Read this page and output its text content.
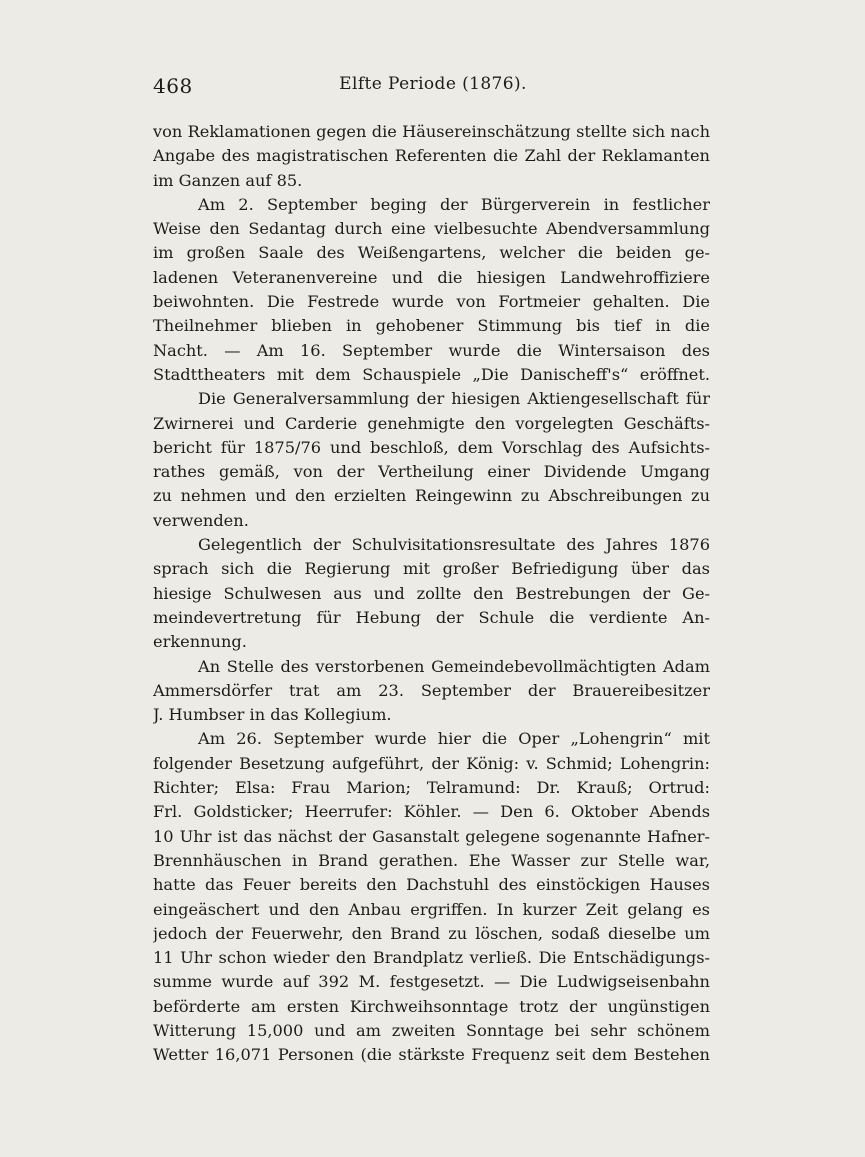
468	Elfte Periode (1876).
von Reklamationen gegen die Häusereinschätzung stellte sich nach
Angabe des magistratischen Referenten die Zahl der Reklamanten
im Ganzen auf 85.
Am 2. September beging der Bürgerverein in festlicher
Weise den Sedantag durch eine vielbesuchte Abendversammlung
im großen Saale des Weißengartens, welcher die beiden ge-
ladenen Veteranenvereine und die hiesigen Landwehroffiziere
beiwohnten. Die Festrede wurde von Fortmeier gehalten. Die
Theilnehmer blieben in gehobener Stimmung bis tief in die
Nacht. — Am 16. September wurde die Wintersaison des
Stadttheaters mit dem Schauspiele „Die Danischeff's“ eröffnet.
Die Generalversammlung der hiesigen Aktiengesellschaft für
Zwirnerei und Carderie genehmigte den vorgelegten Geschäfts-
bericht für 1875/76 und beschloß, dem Vorschlag des Aufsichts-
rathes gemäß, von der Vertheilung einer Dividende Umgang
zu nehmen und den erzielten Reingewinn zu Abschreibungen zu
verwenden.
Gelegentlich der Schulvisitationsresultate des Jahres 1876
sprach sich die Regierung mit großer Befriedigung über das
hiesige Schulwesen aus und zollte den Bestrebungen der Ge-
meindevertretung für Hebung der Schule die verdiente An-
erkennung.
An Stelle des verstorbenen Gemeindebevollmächtigten Adam
Ammersdörfer trat am 23. September der Brauereibesitzer
J. Humbser in das Kollegium.
Am 26. September wurde hier die Oper „Lohengrin“ mit
folgender Besetzung aufgeführt, der König: v. Schmid; Lohengrin:
Richter; Elsa: Frau Marion; Telramund: Dr. Krauß; Ortrud:
Frl. Goldsticker; Heerrufer: Köhler. — Den 6. Oktober Abends
10 Uhr ist das nächst der Gasanstalt gelegene sogenannte Hafner-
Brennhäuschen in Brand gerathen. Ehe Wasser zur Stelle war,
hatte das Feuer bereits den Dachstuhl des einstöckigen Hauses
eingeäschert und den Anbau ergriffen. In kurzer Zeit gelang es
jedoch der Feuerwehr, den Brand zu löschen, sodaß dieselbe um
11 Uhr schon wieder den Brandplatz verließ. Die Entschädigungs-
summe wurde auf 392 M. festgesetzt. — Die Ludwigseisenbahn
beförderte am ersten Kirchweihsonntage trotz der ungünstigen
Witterung 15,000 und am zweiten Sonntage bei sehr schönem
Wetter 16,071 Personen (die stärkste Frequenz seit dem Bestehen
